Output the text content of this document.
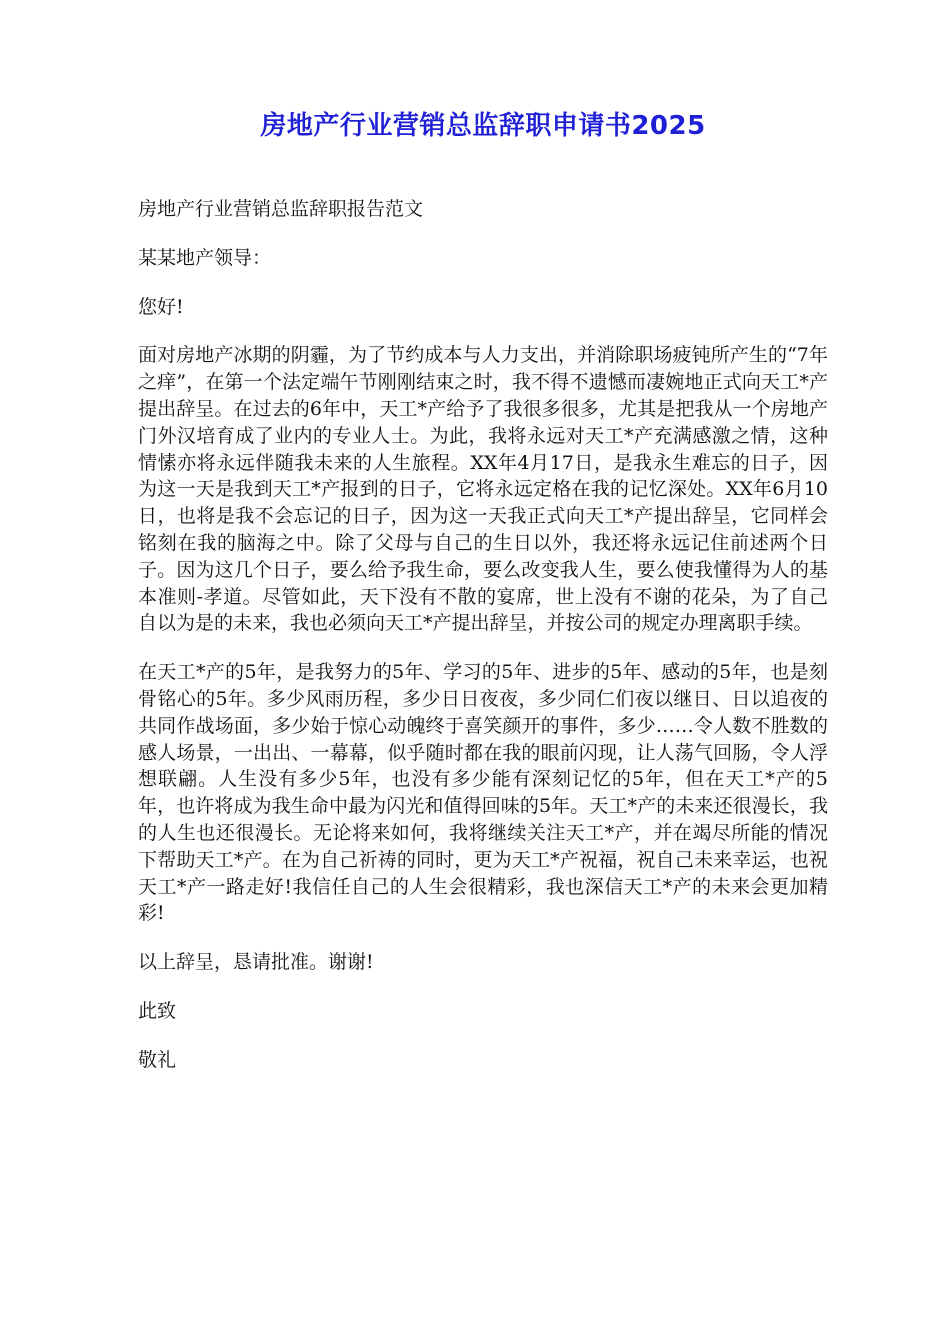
房地产行业营销总监辞职申请书2025

房地产行业营销总监辞职报告范文

某某地产领导：

您好!

面对房地产冰期的阴霾，为了节约成本与人力支出，并消除职场疲钝所产生的“7年之痒”，在第一个法定端午节刚刚结束之时，我不得不遗憾而凄婉地正式向天工*产提出辞呈。在过去的6年中，天工*产给予了我很多很多，尤其是把我从一个房地产门外汉培育成了业内的专业人士。为此，我将永远对天工*产充满感激之情，这种情愫亦将永远伴随我未来的人生旅程。XX年4月17日，是我永生难忘的日子，因为这一天是我到天工*产报到的日子，它将永远定格在我的记忆深处。XX年6月10日，也将是我不会忘记的日子，因为这一天我正式向天工*产提出辞呈，它同样会铭刻在我的脑海之中。除了父母与自己的生日以外，我还将永远记住前述两个日子。因为这几个日子，要么给予我生命，要么改变我人生，要么使我懂得为人的基本准则-孝道。尽管如此，天下没有不散的宴席，世上没有不谢的花朵，为了自己自以为是的未来，我也必须向天工*产提出辞呈，并按公司的规定办理离职手续。

在天工*产的5年，是我努力的5年、学习的5年、进步的5年、感动的5年，也是刻骨铭心的5年。多少风雨历程，多少日日夜夜，多少同仁们夜以继日、日以追夜的共同作战场面，多少始于惊心动魄终于喜笑颜开的事件，多少……令人数不胜数的感人场景，一出出、一幕幕，似乎随时都在我的眼前闪现，让人荡气回肠，令人浮想联翩。人生没有多少5年，也没有多少能有深刻记忆的5年，但在天工*产的5年，也许将成为我生命中最为闪光和值得回味的5年。天工*产的未来还很漫长，我的人生也还很漫长。无论将来如何，我将继续关注天工*产，并在竭尽所能的情况下帮助天工*产。在为自己祈祷的同时，更为天工*产祝福，祝自己未来幸运，也祝天工*产一路走好!我信任自己的人生会很精彩，我也深信天工*产的未来会更加精彩!

以上辞呈，恳请批准。谢谢!

此致

敬礼
